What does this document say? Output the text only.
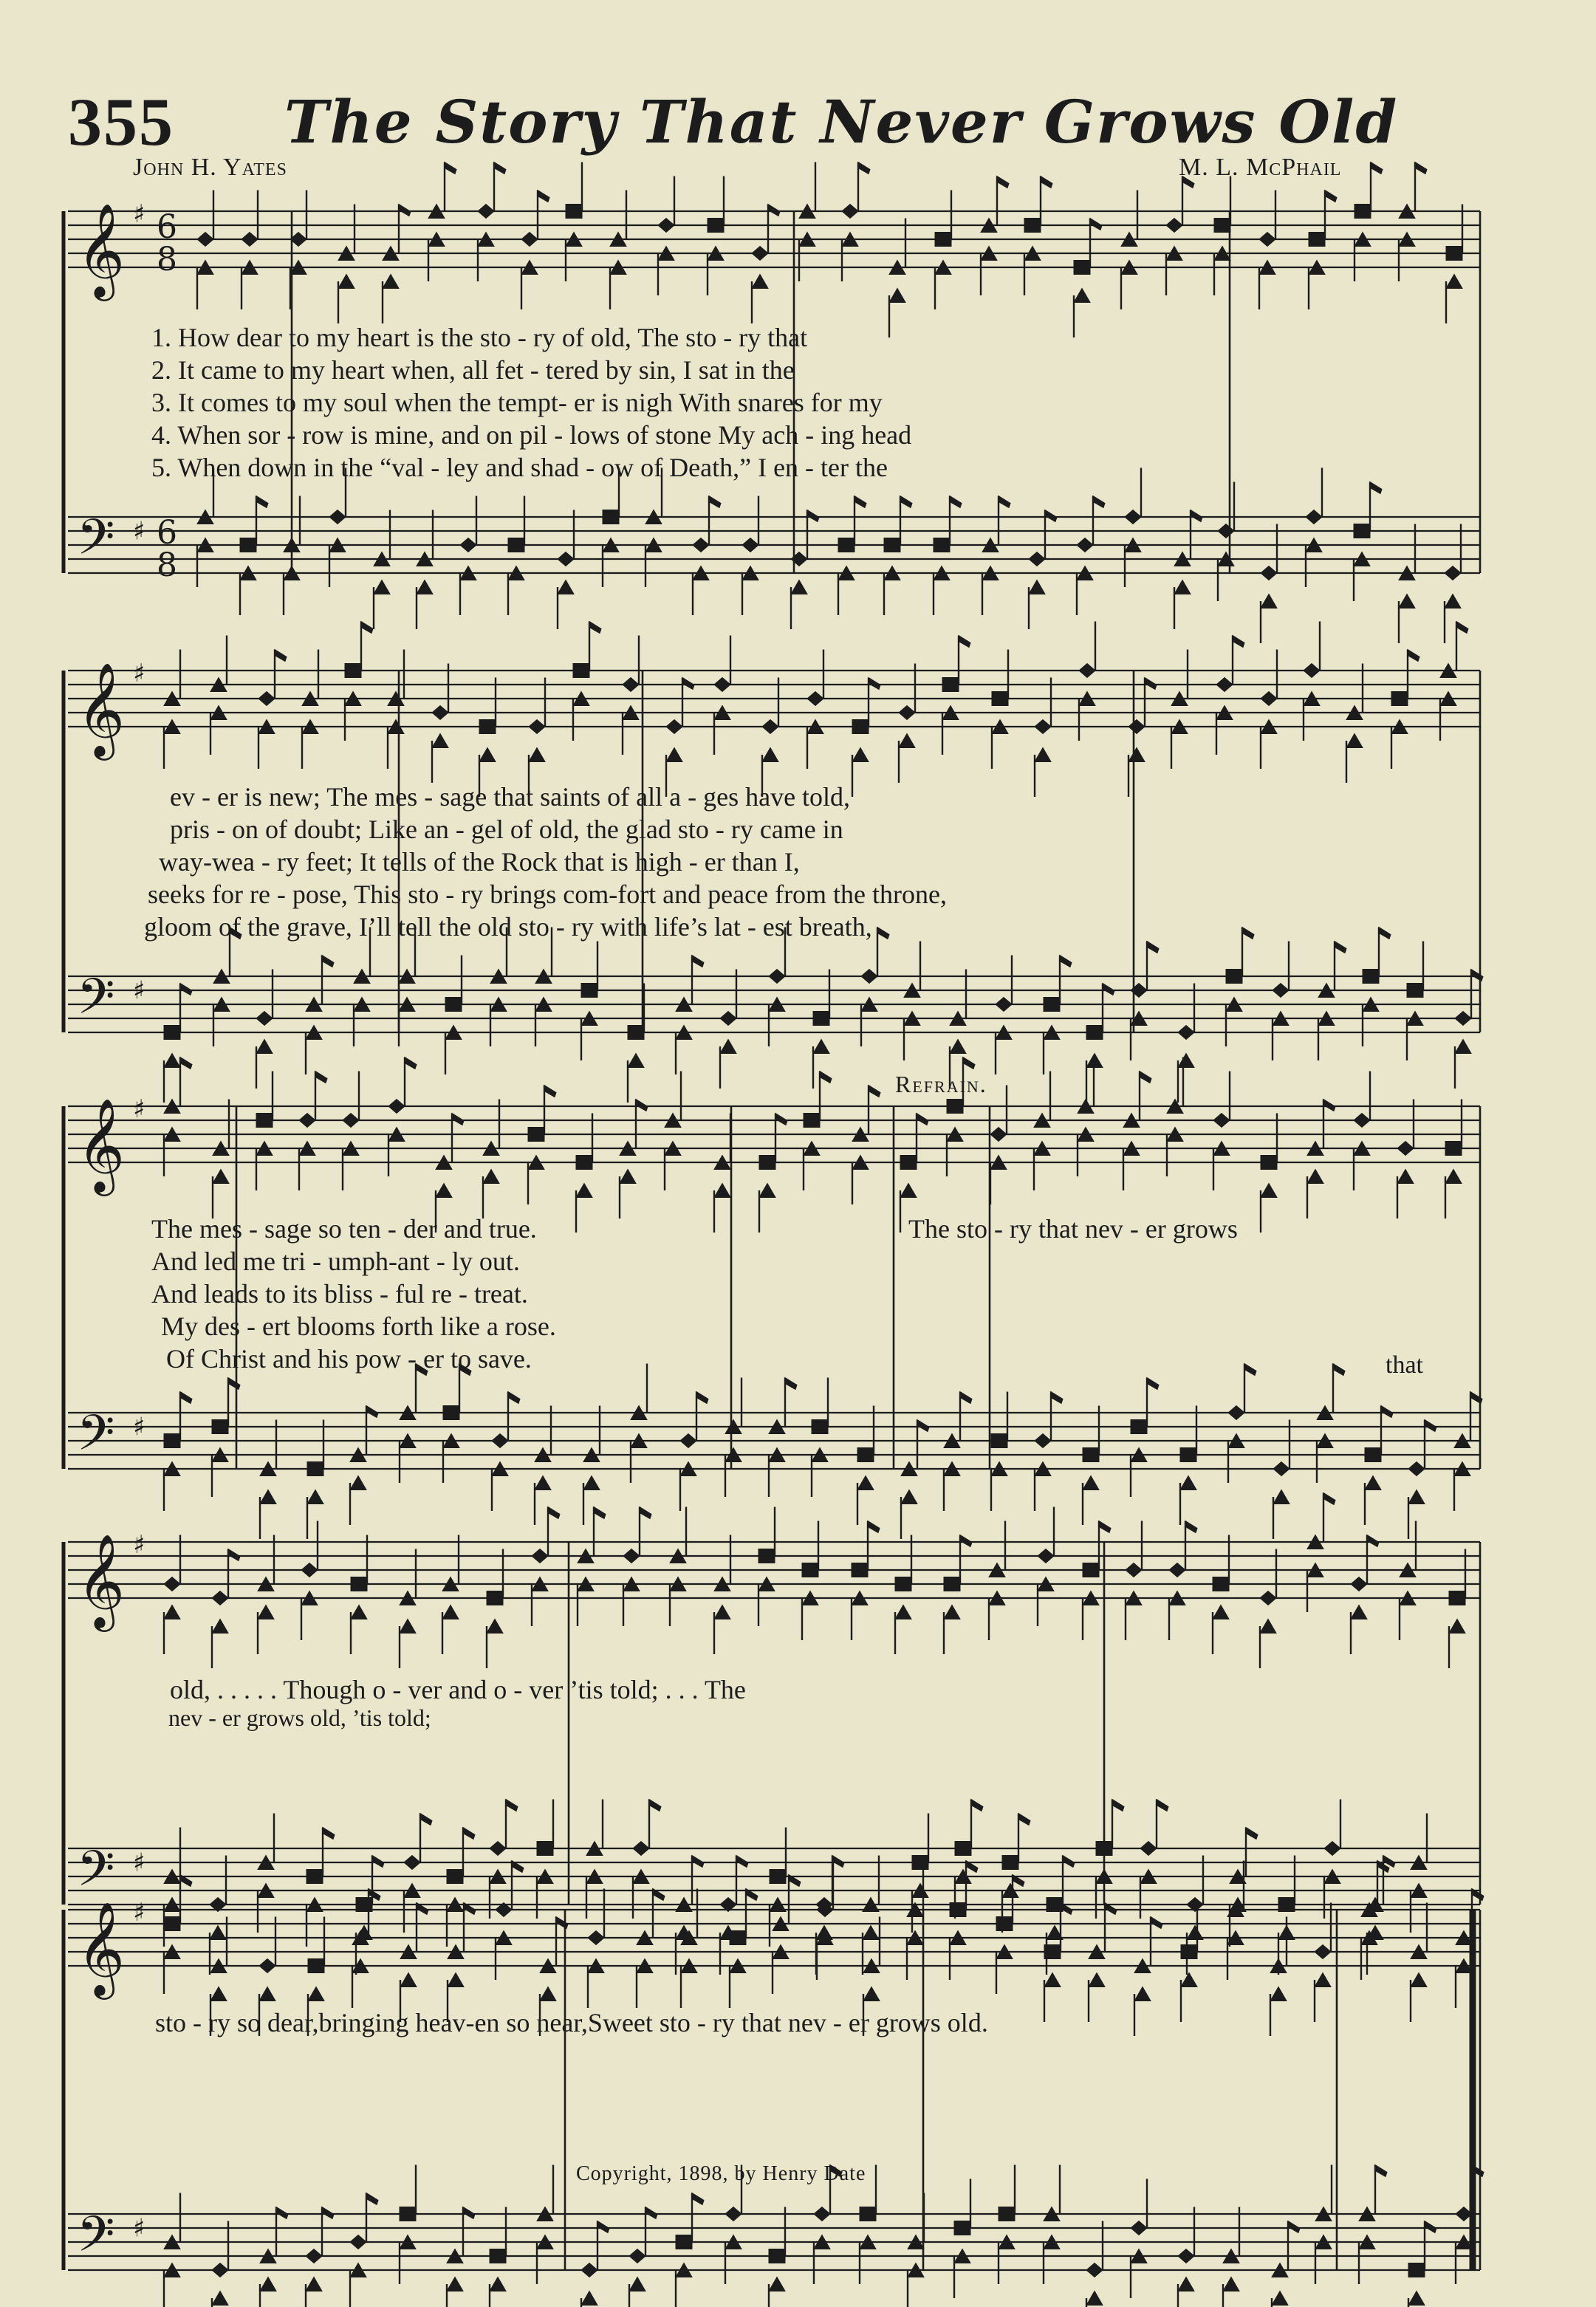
355 The Story That Never Grows Old
John H. Yates	M. L. McPhail
𝄞 ♯ 6
8
𝄢 ♯ 6
8
𝄞 ♯
𝄢 ♯
𝄞 ♯
𝄢 ♯
𝄞 ♯
𝄢 ♯
𝄞 ♯
𝄢 ♯
1. How dear to my heart is the sto - ry of old, The sto - ry that
2. It came to my heart when, all fet - tered by sin, I sat in the
3. It comes to my soul when the tempt- er is nigh With snares for my
4. When sor - row is mine, and on pil - lows of stone My ach - ing head
5. When down in the “val - ley and shad - ow of Death,” I en - ter the
ev - er is new; The mes - sage that saints of all a - ges have told,
pris - on of doubt; Like an - gel of old, the glad sto - ry came in
way-wea - ry feet; It tells of the Rock that is high - er than I,
seeks for re - pose, This sto - ry brings com-fort and peace from the throne,
gloom of the grave, I’ll tell the old sto - ry with life’s lat - est breath,
Refrain.
The mes - sage so ten - der and true.
And led me tri - umph-ant - ly out.
And leads to its bliss - ful re - treat.
My des - ert blooms forth like a rose.
Of Christ and his pow - er to save.
The sto - ry that nev - er grows
that
old, . . . . . Though o - ver and o - ver ’tis told; . . . The
nev - er grows old, ’tis told;
sto - ry so dear,bringing heav-en so near,Sweet sto - ry that nev - er grows old.
Copyright, 1898, by Henry Date
